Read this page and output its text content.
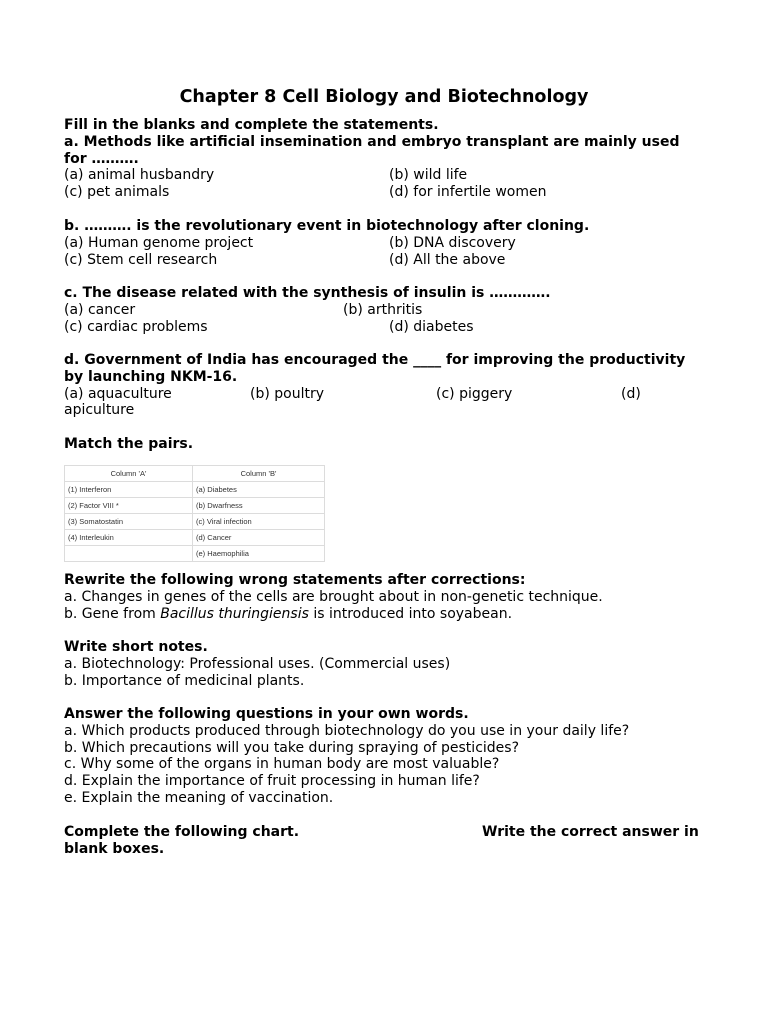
Chapter 8 Cell Biology and Biotechnology
Fill in the blanks and complete the statements.
a. Methods like artificial insemination and embryo transplant are mainly used for ……….
(a) animal husbandry	(b) wild life
(c) pet animals	(d) for infertile women
b. ………. is the revolutionary event in biotechnology after cloning.
(a) Human genome project	(b) DNA discovery
(c) Stem cell research	(d) All the above
c. The disease related with the synthesis of insulin is ………….
(a) cancer	(b) arthritis
(c) cardiac problems	(d) diabetes
d. Government of India has encouraged the ____ for improving the productivity by launching NKM-16.
(a) aquaculture	(b) poultry	(c) piggery	(d)
apiculture
Match the pairs.
Column 'A'	Column 'B'
(1) Interferon	(a) Diabetes
(2) Factor VIII *	(b) Dwarfness
(3) Somatostatin	(c) Viral infection
(4) Interleukin	(d) Cancer
	(e) Haemophilia
Rewrite the following wrong statements after corrections:
a. Changes in genes of the cells are brought about in non-genetic technique.
b. Gene from Bacillus thuringiensis is introduced into soyabean.
Write short notes.
a. Biotechnology: Professional uses. (Commercial uses)
b. Importance of medicinal plants.
Answer the following questions in your own words.
a. Which products produced through biotechnology do you use in your daily life?
b. Which precautions will you take during spraying of pesticides?
c. Why some of the organs in human body are most valuable?
d. Explain the importance of fruit processing in human life?
e. Explain the meaning of vaccination.
Complete the following chart.	Write the correct answer in
blank boxes.
